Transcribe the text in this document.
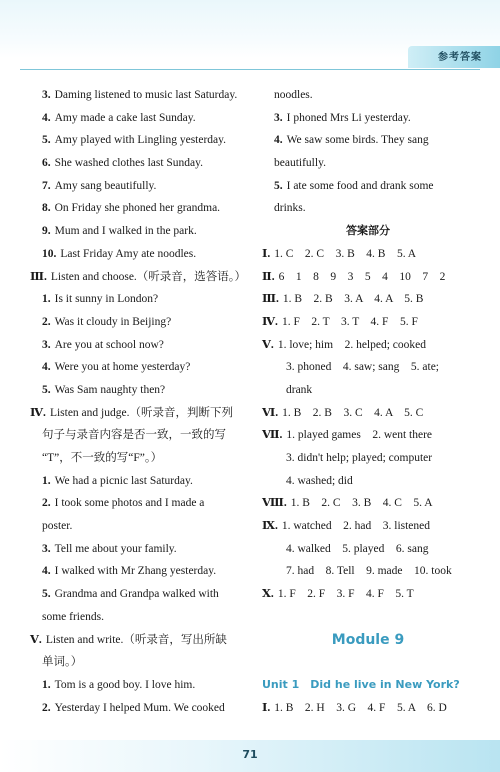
参考答案
3. Daming listened to music last Saturday.
4. Amy made a cake last Sunday.
5. Amy played with Lingling yesterday.
6. She washed clothes last Sunday.
7. Amy sang beautifully.
8. On Friday she phoned her grandma.
9. Mum and I walked in the park.
10. Last Friday Amy ate noodles.
Ⅲ. Listen and choose.（听录音，选答语。）
1. Is it sunny in London?
2. Was it cloudy in Beijing?
3. Are you at school now?
4. Were you at home yesterday?
5. Was Sam naughty then?
Ⅳ. Listen and judge.（听录音，判断下列
句子与录音内容是否一致，一致的写
“T”，不一致的写“F”。）
1. We had a picnic last Saturday.
2. I took some photos and I made a
poster.
3. Tell me about your family.
4. I walked with Mr Zhang yesterday.
5. Grandma and Grandpa walked with
some friends.
Ⅴ. Listen and write.（听录音，写出所缺
单词。）
1. Tom is a good boy. I love him.
2. Yesterday I helped Mum. We cooked
noodles.
3. I phoned Mrs Li yesterday.
4. We saw some birds. They sang
beautifully.
5. I ate some food and drank some
drinks.
答案部分
Ⅰ. 1. C　2. C　3. B　4. B　5. A
Ⅱ. 6　1　8　9　3　5　4　10　7　2
Ⅲ. 1. B　2. B　3. A　4. A　5. B
Ⅳ. 1. F　2. T　3. T　4. F　5. F
Ⅴ. 1. love; him　2. helped; cooked
3. phoned　4. saw; sang　5. ate;
drank
Ⅵ. 1. B　2. B　3. C　4. A　5. C
Ⅶ. 1. played games　2. went there
3. didn't help; played; computer
4. washed; did
Ⅷ. 1. B　2. C　3. B　4. C　5. A
Ⅸ. 1. watched　2. had　3. listened
4. walked　5. played　6. sang
7. had　8. Tell　9. made　10. took
Ⅹ. 1. F　2. F　3. F　4. F　5. T
Module 9
Unit 1　Did he live in New York?
Ⅰ. 1. B　2. H　3. G　4. F　5. A　6. D
71
